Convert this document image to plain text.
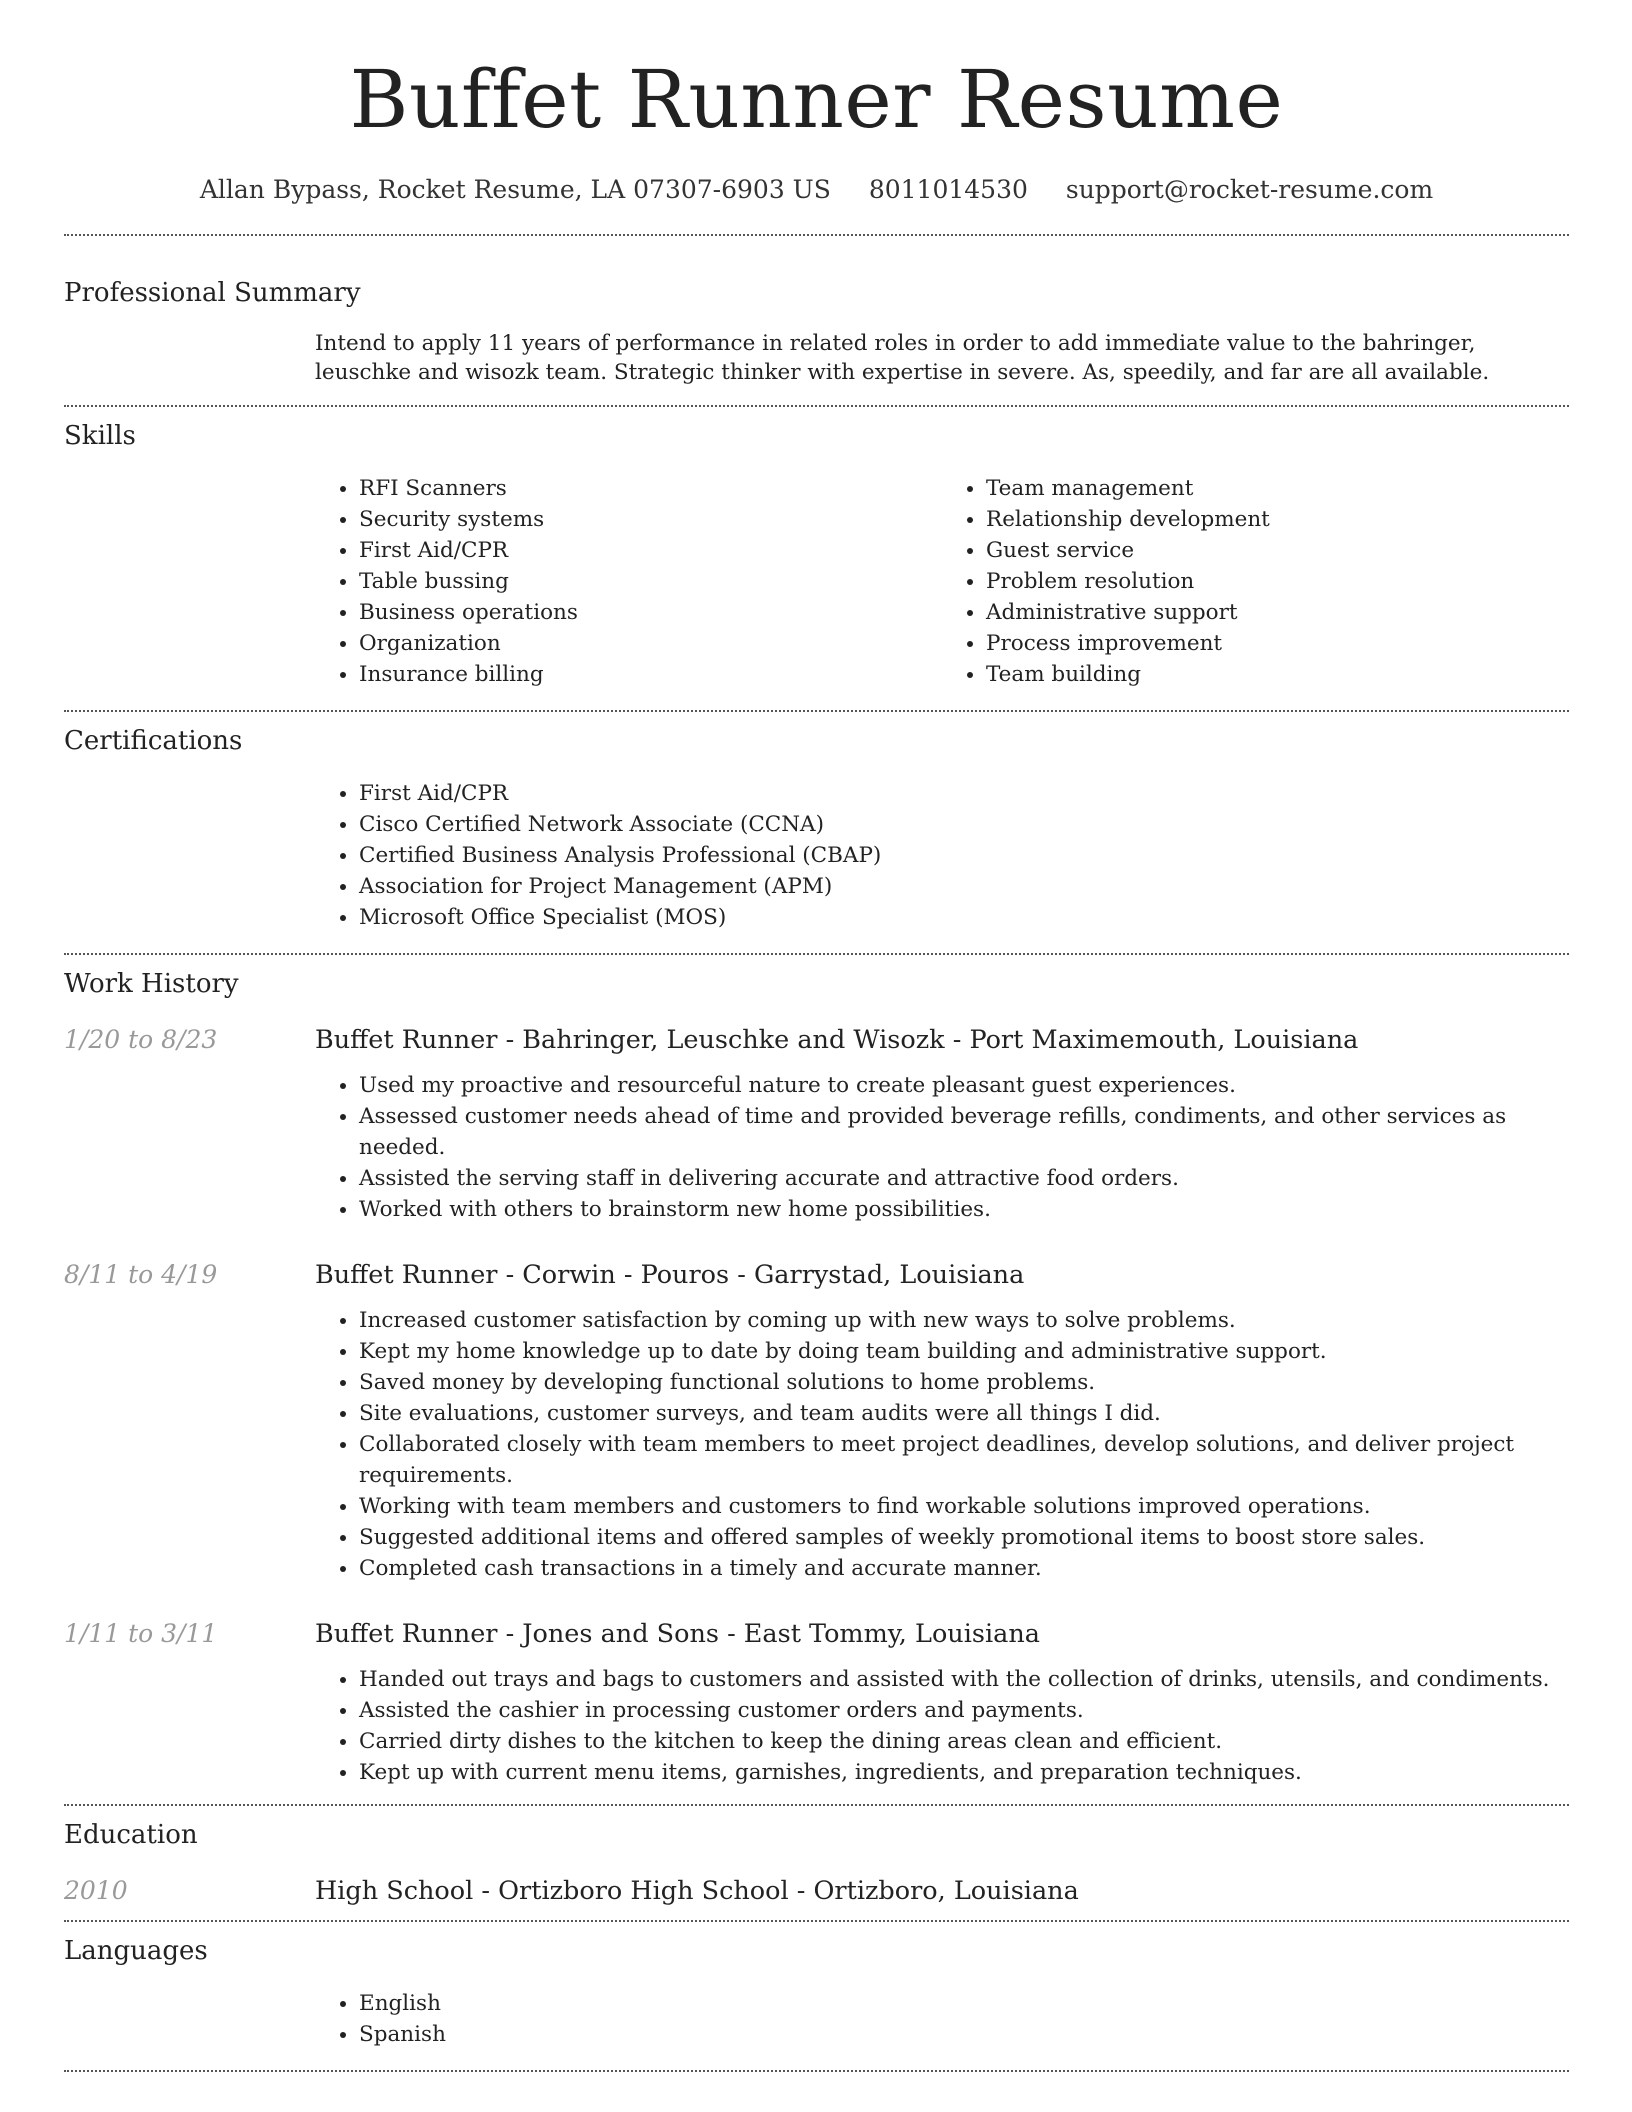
Buffet Runner Resume
Allan Bypass, Rocket Resume, LA 07307-6903 US 8011014530 support@rocket-resume.com
Professional Summary
Intend to apply 11 years of performance in related roles in order to add immediate value to the bahringer, leuschke and wisozk team. Strategic thinker with expertise in severe. As, speedily, and far are all available.
Skills
• RFI Scanners
• Security systems
• First Aid/CPR
• Table bussing
• Business operations
• Organization
• Insurance billing
• Team management
• Relationship development
• Guest service
• Problem resolution
• Administrative support
• Process improvement
• Team building
Certifications
• First Aid/CPR
• Cisco Certified Network Associate (CCNA)
• Certified Business Analysis Professional (CBAP)
• Association for Project Management (APM)
• Microsoft Office Specialist (MOS)
Work History
1/20 to 8/23	Buffet Runner - Bahringer, Leuschke and Wisozk - Port Maximemouth, Louisiana
• Used my proactive and resourceful nature to create pleasant guest experiences.
• Assessed customer needs ahead of time and provided beverage refills, condiments, and other services as needed.
• Assisted the serving staff in delivering accurate and attractive food orders.
• Worked with others to brainstorm new home possibilities.
8/11 to 4/19	Buffet Runner - Corwin - Pouros - Garrystad, Louisiana
• Increased customer satisfaction by coming up with new ways to solve problems.
• Kept my home knowledge up to date by doing team building and administrative support.
• Saved money by developing functional solutions to home problems.
• Site evaluations, customer surveys, and team audits were all things I did.
• Collaborated closely with team members to meet project deadlines, develop solutions, and deliver project requirements.
• Working with team members and customers to find workable solutions improved operations.
• Suggested additional items and offered samples of weekly promotional items to boost store sales.
• Completed cash transactions in a timely and accurate manner.
1/11 to 3/11	Buffet Runner - Jones and Sons - East Tommy, Louisiana
• Handed out trays and bags to customers and assisted with the collection of drinks, utensils, and condiments.
• Assisted the cashier in processing customer orders and payments.
• Carried dirty dishes to the kitchen to keep the dining areas clean and efficient.
• Kept up with current menu items, garnishes, ingredients, and preparation techniques.
Education
2010	High School - Ortizboro High School - Ortizboro, Louisiana
Languages
• English
• Spanish
